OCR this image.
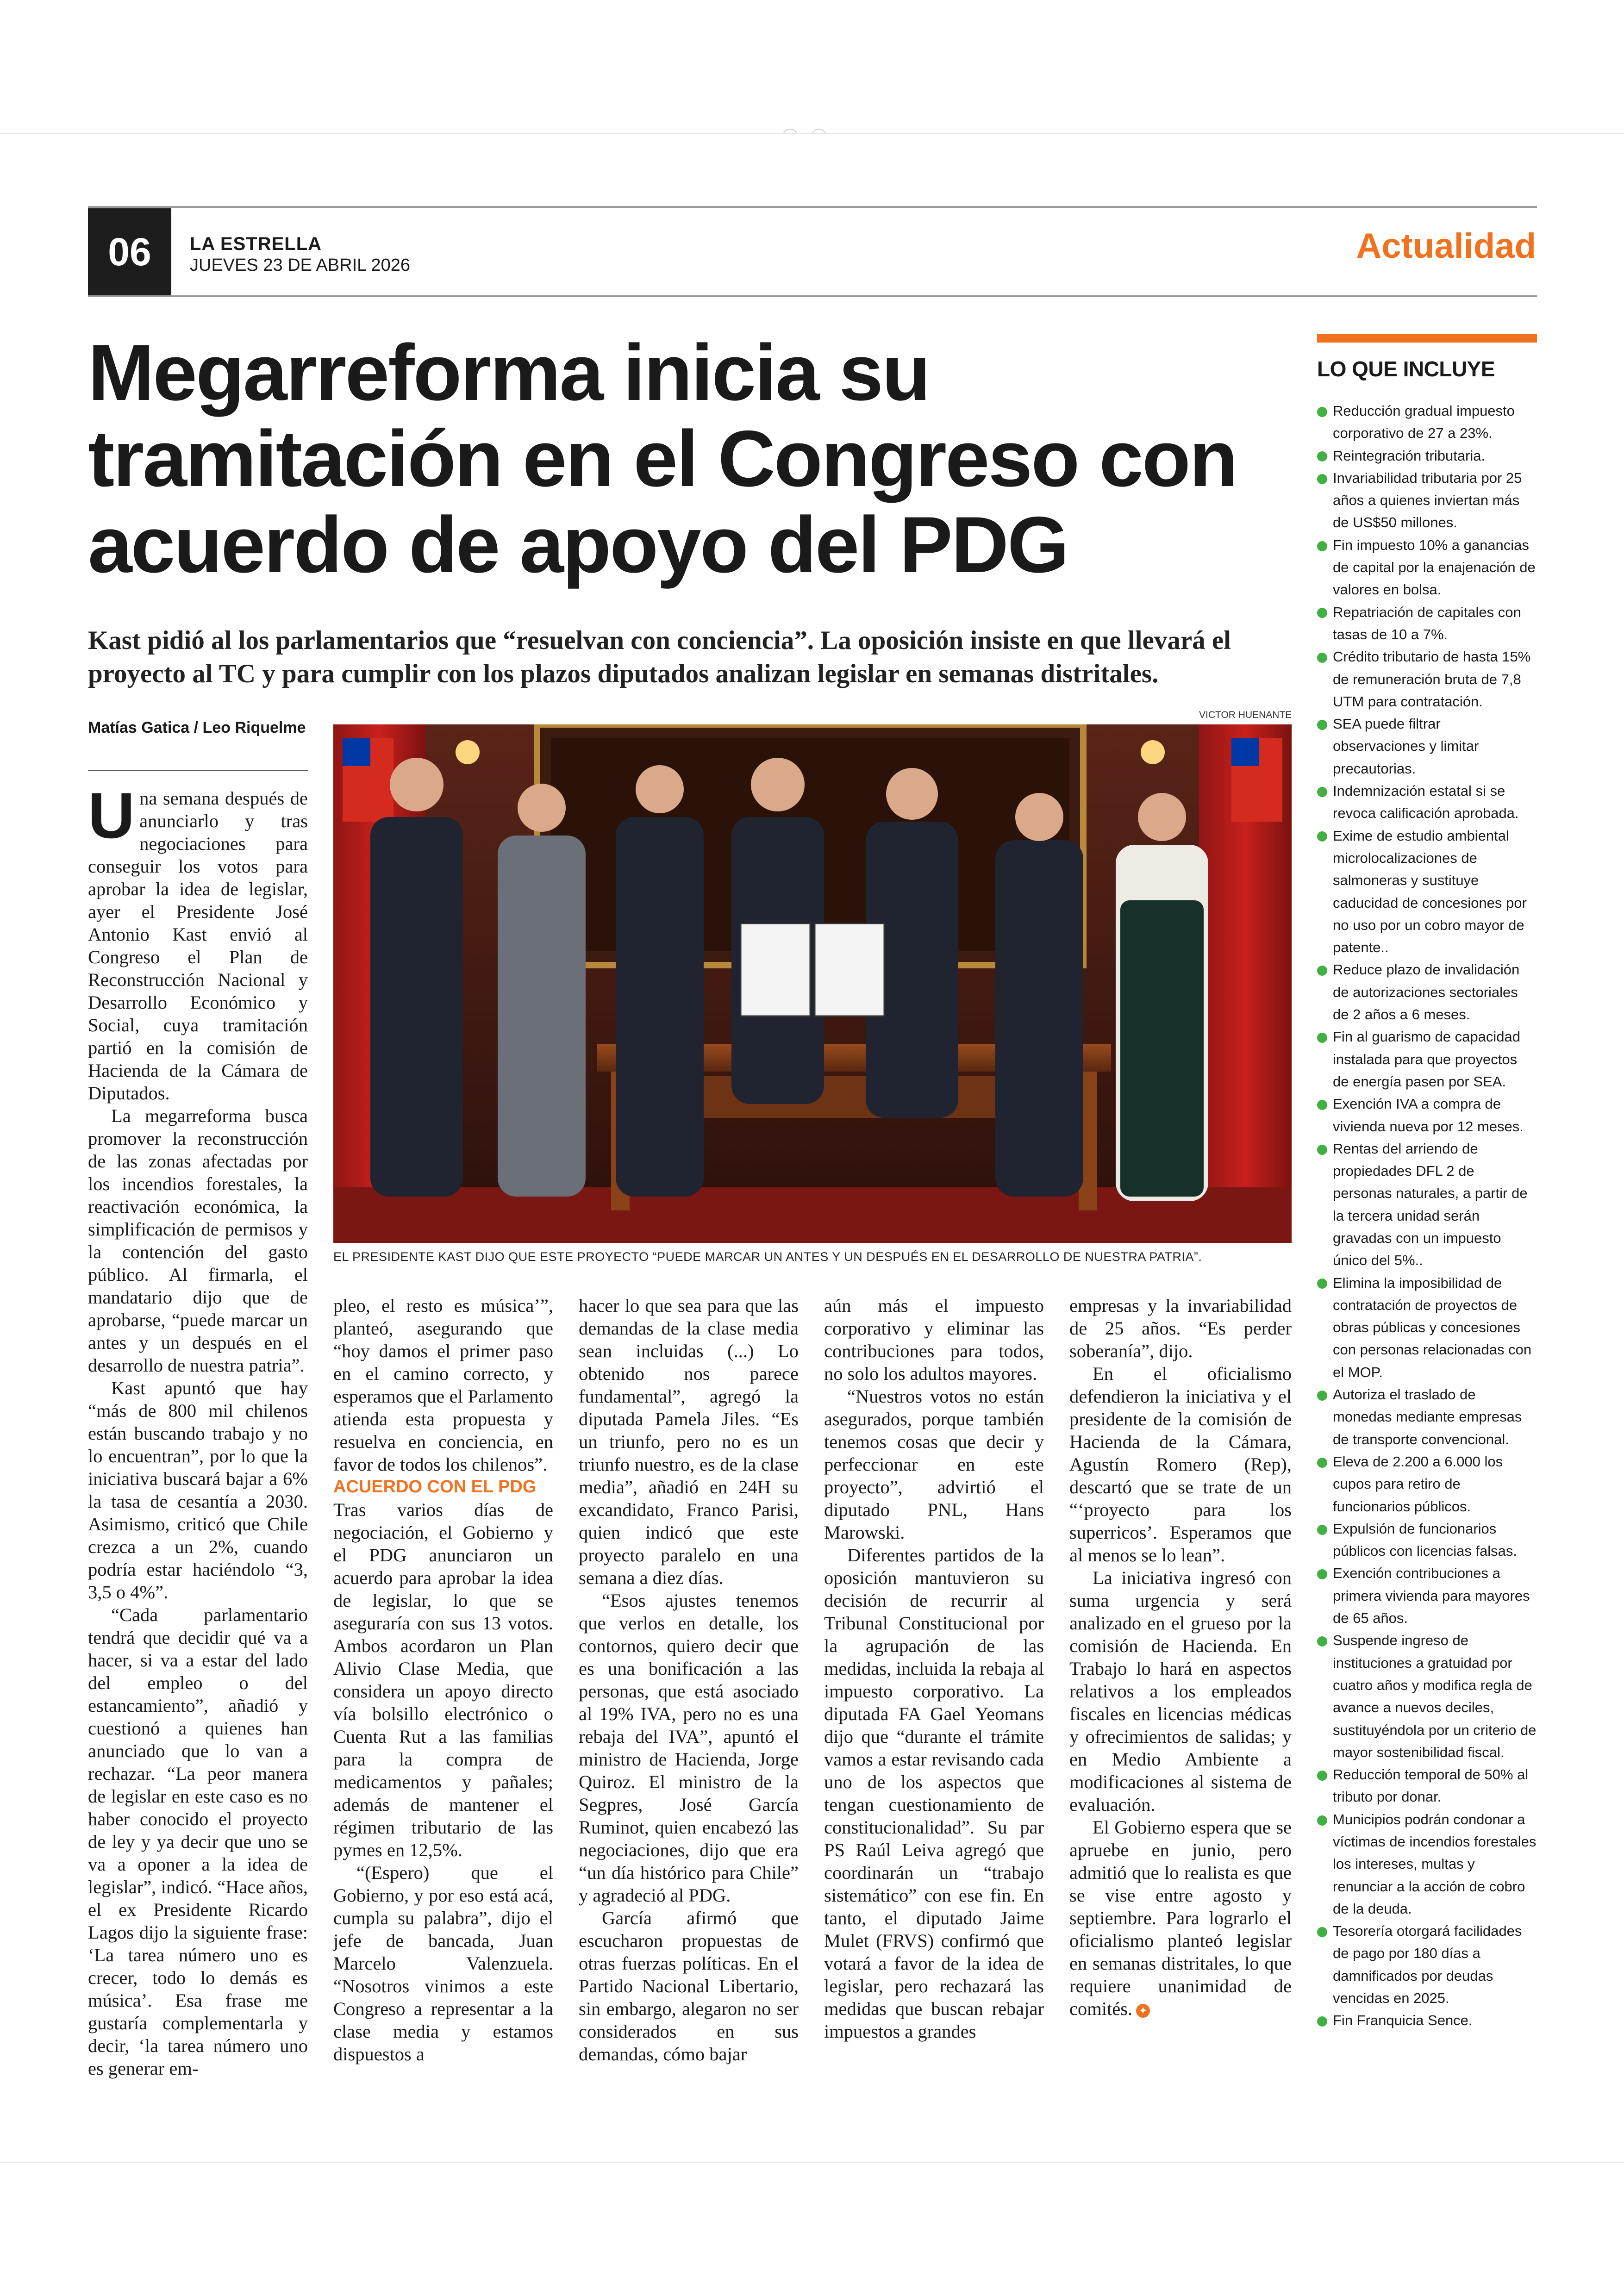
06	LA ESTRELLA
JUEVES 23 DE ABRIL 2026	Actualidad
Megarreforma inicia su tramitación en el Congreso con acuerdo de apoyo del PDG
Kast pidió al los parlamentarios que “resuelvan con conciencia”. La oposición insiste en que llevará el proyecto al TC y para cumplir con los plazos diputados analizan legislar en semanas distritales.
Matías Gatica / Leo Riquelme
VICTOR HUENANTE
EL PRESIDENTE KAST DIJO QUE ESTE PROYECTO “PUEDE MARCAR UN ANTES Y UN DESPUÉS EN EL DESARROLLO DE NUESTRA PATRIA”.

Una semana después de anunciarlo y tras negociaciones para conseguir los votos para aprobar la idea de legislar, ayer el Presidente José Antonio Kast envió al Congreso el Plan de Reconstrucción Nacional y Desarrollo Económico y Social, cuya tramitación partió en la comisión de Hacienda de la Cámara de Diputados.

La megarreforma busca promover la reconstrucción de las zonas afectadas por los incendios forestales, la reactivación económica, la simplificación de permisos y la contención del gasto público. Al firmarla, el mandatario dijo que de aprobarse, “puede marcar un antes y un después en el desarrollo de nuestra patria”.

Kast apuntó que hay “más de 800 mil chilenos están buscando trabajo y no lo encuentran”, por lo que la iniciativa buscará bajar a 6% la tasa de cesantía a 2030. Asimismo, criticó que Chile crezca a un 2%, cuando podría estar haciéndolo “3, 3,5 o 4%”.

“Cada parlamentario tendrá que decidir qué va a hacer, si va a estar del lado del empleo o del estancamiento”, añadió y cuestionó a quienes han anunciado que lo van a rechazar. “La peor manera de legislar en este caso es no haber conocido el proyecto de ley y ya decir que uno se va a oponer a la idea de legislar”, indicó. “Hace años, el ex Presidente Ricardo Lagos dijo la siguiente frase: ‘La tarea número uno es crecer, todo lo demás es música’. Esa frase me gustaría complementarla y decir, ‘la tarea número uno es generar em-

pleo, el resto es música’”, planteó, asegurando que “hoy damos el primer paso en el camino correcto, y esperamos que el Parlamento atienda esta propuesta y resuelva en conciencia, en favor de todos los chilenos”.

ACUERDO CON EL PDG

Tras varios días de negociación, el Gobierno y el PDG anunciaron un acuerdo para aprobar la idea de legislar, lo que se aseguraría con sus 13 votos. Ambos acordaron un Plan Alivio Clase Media, que considera un apoyo directo vía bolsillo electrónico o Cuenta Rut a las familias para la compra de medicamentos y pañales; además de mantener el régimen tributario de las pymes en 12,5%.

“(Espero) que el Gobierno, y por eso está acá, cumpla su palabra”, dijo el jefe de bancada, Juan Marcelo Valenzuela. “Nosotros vinimos a este Congreso a representar a la clase media y estamos dispuestos a

hacer lo que sea para que las demandas de la clase media sean incluidas (...) Lo obtenido nos parece fundamental”, agregó la diputada Pamela Jiles. “Es un triunfo, pero no es un triunfo nuestro, es de la clase media”, añadió en 24H su excandidato, Franco Parisi, quien indicó que este proyecto paralelo en una semana a diez días.

“Esos ajustes tenemos que verlos en detalle, los contornos, quiero decir que es una bonificación a las personas, que está asociado al 19% IVA, pero no es una rebaja del IVA”, apuntó el ministro de Hacienda, Jorge Quiroz. El ministro de la Segpres, José García Ruminot, quien encabezó las negociaciones, dijo que era “un día histórico para Chile” y agradeció al PDG.

García afirmó que escucharon propuestas de otras fuerzas políticas. En el Partido Nacional Libertario, sin embargo, alegaron no ser considerados en sus demandas, cómo bajar

aún más el impuesto corporativo y eliminar las contribuciones para todos, no solo los adultos mayores.

“Nuestros votos no están asegurados, porque también tenemos cosas que decir y perfeccionar en este proyecto”, advirtió el diputado PNL, Hans Marowski.

Diferentes partidos de la oposición mantuvieron su decisión de recurrir al Tribunal Constitucional por la agrupación de las medidas, incluida la rebaja al impuesto corporativo. La diputada FA Gael Yeomans dijo que “durante el trámite vamos a estar revisando cada uno de los aspectos que tengan cuestionamiento de constitucionalidad”. Su par PS Raúl Leiva agregó que coordinarán un “trabajo sistemático” con ese fin. En tanto, el diputado Jaime Mulet (FRVS) confirmó que votará a favor de la idea de legislar, pero rechazará las medidas que buscan rebajar impuestos a grandes

empresas y la invariabilidad de 25 años. “Es perder soberanía”, dijo.

En el oficialismo defendieron la iniciativa y el presidente de la comisión de Hacienda de la Cámara, Agustín Romero (Rep), descartó que se trate de un “‘proyecto para los superricos’. Esperamos que al menos se lo lean”.

La iniciativa ingresó con suma urgencia y será analizado en el grueso por la comisión de Hacienda. En Trabajo lo hará en aspectos relativos a los empleados fiscales en licencias médicas y ofrecimientos de salidas; y en Medio Ambiente a modificaciones al sistema de evaluación.

El Gobierno espera que se apruebe en junio, pero admitió que lo realista es que se vise entre agosto y septiembre. Para lograrlo el oficialismo planteó legislar en semanas distritales, lo que requiere unanimidad de comités. ✦

LO QUE INCLUYE
Reducción gradual impuesto corporativo de 27 a 23%.
Reintegración tributaria.
Invariabilidad tributaria por 25 años a quienes inviertan más de US$50 millones.
Fin impuesto 10% a ganancias de capital por la enajenación de valores en bolsa.
Repatriación de capitales con tasas de 10 a 7%.
Crédito tributario de hasta 15% de remuneración bruta de 7,8 UTM para contratación.
SEA puede filtrar observaciones y limitar precautorias.
Indemnización estatal si se revoca calificación aprobada.
Exime de estudio ambiental microlocalizaciones de salmoneras y sustituye caducidad de concesiones por no uso por un cobro mayor de patente..
Reduce plazo de invalidación de autorizaciones sectoriales de 2 años a 6 meses.
Fin al guarismo de capacidad instalada para que proyectos de energía pasen por SEA.
Exención IVA a compra de vivienda nueva por 12 meses.
Rentas del arriendo de propiedades DFL 2 de personas naturales, a partir de la tercera unidad serán gravadas con un impuesto único del 5%..
Elimina la imposibilidad de contratación de proyectos de obras públicas y concesiones con personas relacionadas con el MOP.
Autoriza el traslado de monedas mediante empresas de transporte convencional.
Eleva de 2.200 a 6.000 los cupos para retiro de funcionarios públicos.
Expulsión de funcionarios públicos con licencias falsas.
Exención contribuciones a primera vivienda para mayores de 65 años.
Suspende ingreso de instituciones a gratuidad por cuatro años y modifica regla de avance a nuevos deciles, sustituyéndola por un criterio de mayor sostenibilidad fiscal.
Reducción temporal de 50% al tributo por donar.
Municipios podrán condonar a víctimas de incendios forestales los intereses, multas y renunciar a la acción de cobro de la deuda.
Tesorería otorgará facilidades de pago por 180 días a damnificados por deudas vencidas en 2025.
Fin Franquicia Sence.
